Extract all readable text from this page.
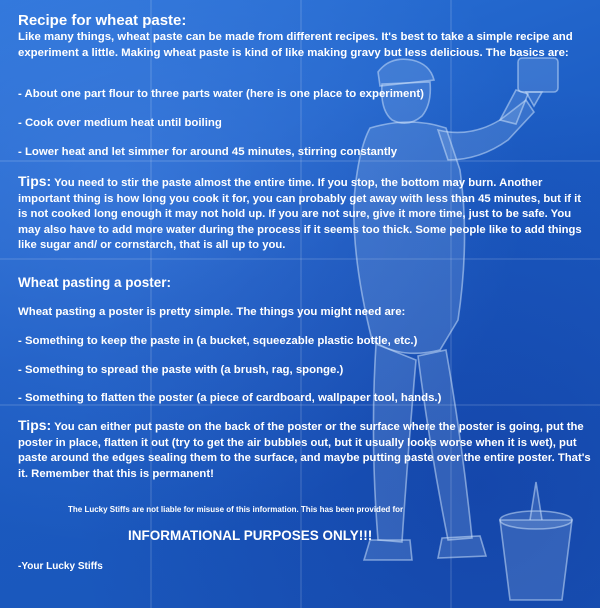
Recipe for wheat paste:
Like many things, wheat paste can be made from different recipes. It's best to take a simple recipe and experiment a little. Making wheat paste is kind of like making gravy but less delicious. The basics are:
- About one part flour to three parts water (here is one place to experiment)
- Cook over medium heat until boiling
- Lower heat and let simmer for around 45 minutes, stirring constantly
Tips: You need to stir the paste almost the entire time. If you stop, the bottom may burn. Another important thing is how long you cook it for, you can probably get away with less than 45 minutes, but if it is not cooked long enough it may not hold up. If you are not sure, give it more time, just to be safe. You may also have to add more water during the process if it seems too thick. Some people like to add things like sugar and/ or cornstarch, that is all up to you.
Wheat pasting a poster:
Wheat pasting a poster is pretty simple. The things you might need are:
- Something to keep the paste in (a bucket, squeezable plastic bottle, etc.)
- Something to spread the paste with (a brush, rag, sponge.)
- Something to flatten the poster (a piece of cardboard, wallpaper tool, hands.)
Tips: You can either put paste on the back of the poster or the surface where the poster is going, put the poster in place, flatten it out (try to get the air bubbles out, but it usually looks worse when it is wet), put paste around the edges sealing them to the surface, and maybe putting paste over the entire poster. That's it. Remember that this is permanent!
The Lucky Stiffs are not liable for misuse of this information. This has been provided for
INFORMATIONAL PURPOSES ONLY!!!
-Your Lucky Stiffs
